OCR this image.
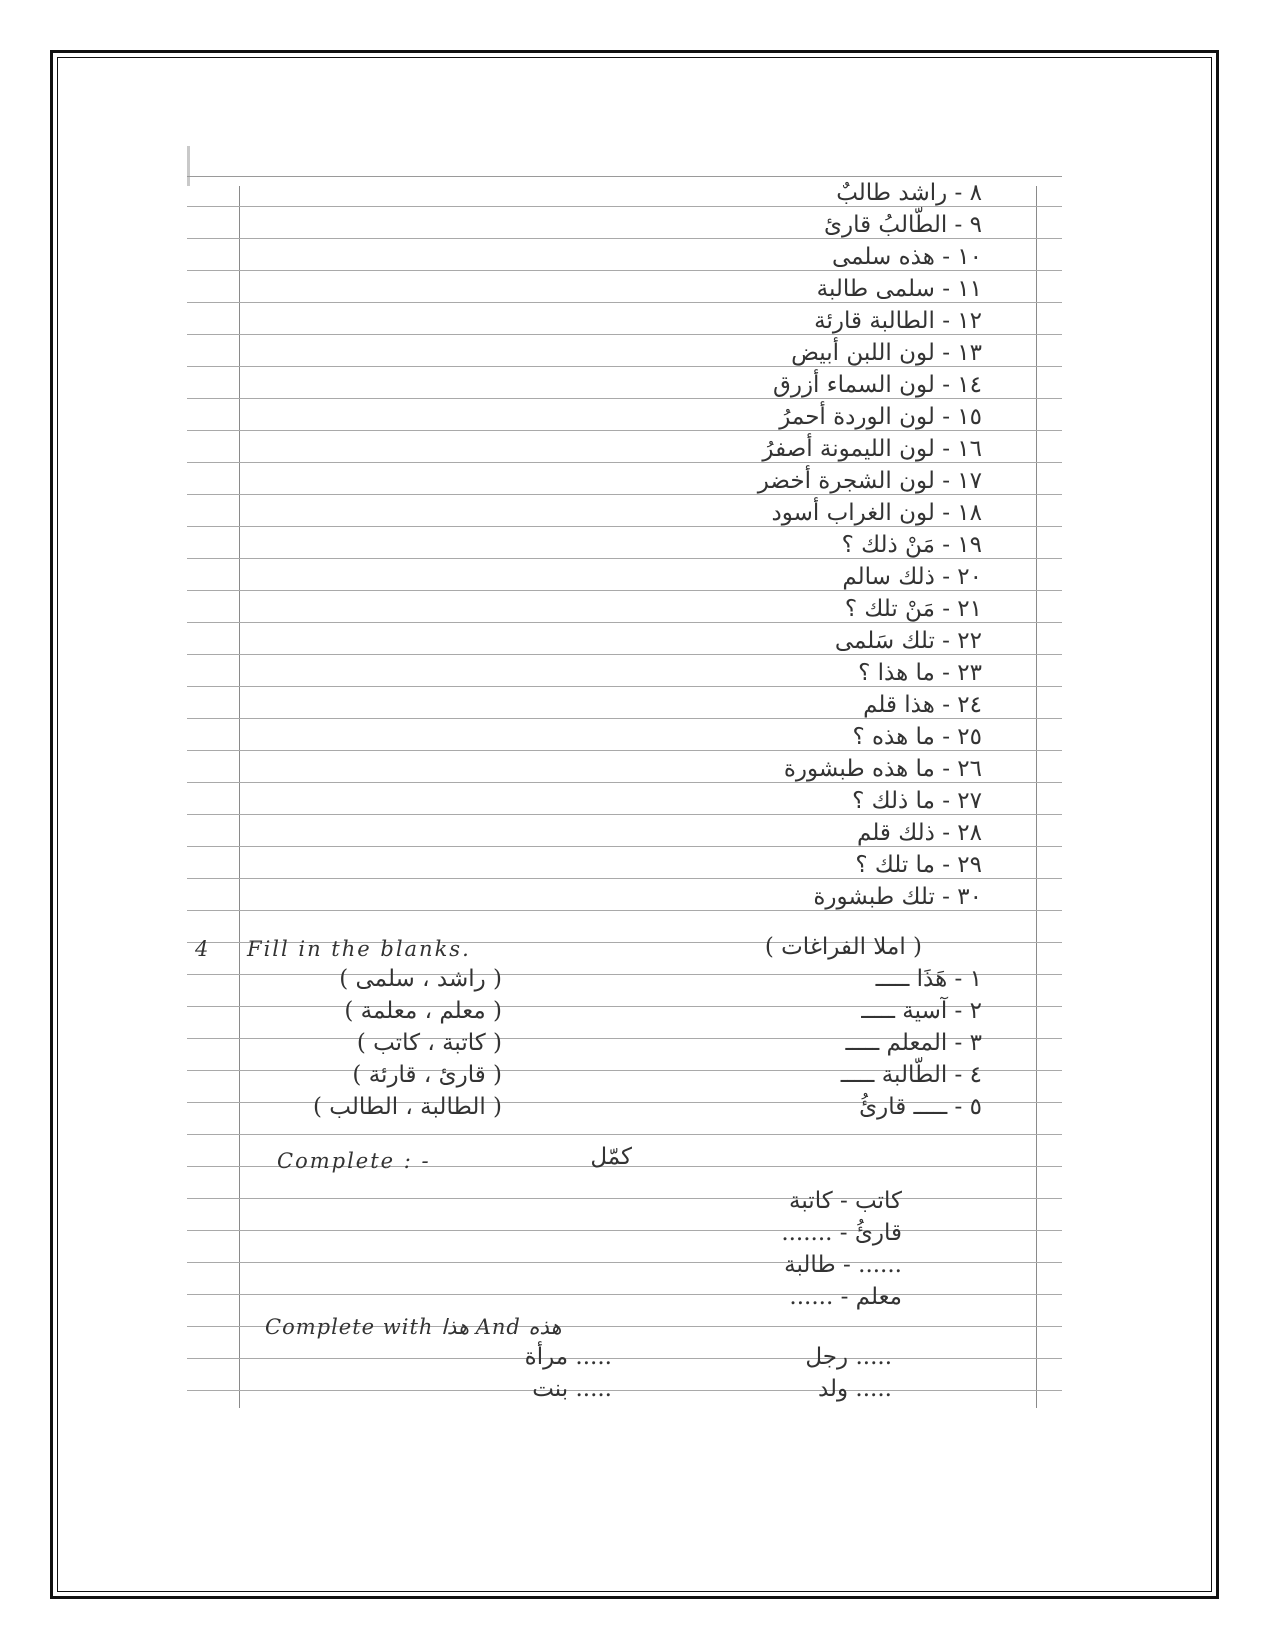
٨ - راشد طالبٌ
٩ - الطّالبُ قارئ
١٠ - هذه سلمى
١١ - سلمى طالبة
١٢ - الطالبة قارئة
١٣ - لون اللبن أبيض
١٤ - لون السماء أزرق
١٥ - لون الوردة أحمرُ
١٦ - لون الليمونة أصفرُ
١٧ - لون الشجرة أخضر
١٨ - لون الغراب أسود
١٩ - مَنْ ذلك ؟
٢٠ - ذلك سالم
٢١ - مَنْ تلك ؟
٢٢ - تلك سَلمى
٢٣ - ما هذا ؟
٢٤ - هذا قلم
٢٥ - ما هذه ؟
٢٦ - ما هذه طبشورة
٢٧ - ما ذلك ؟
٢٨ - ذلك قلم
٢٩ - ما تلك ؟
٣٠ - تلك طبشورة
4 Fill in the blanks.	( املا الفراغات )
١ - هَذَا ـــــ
( راشد ، سلمى )
٢ - آسية ـــــ
( معلم ، معلمة )
٣ - المعلم ـــــ
( كاتبة ، كاتب )
٤ - الطّالبة ـــــ
( قارئ ، قارئة )
٥ - ـــــ قارئُ
( الطالبة ، الطالب )
Complete : -	كمّل
كاتب - كاتبة
قارئُ - .......
...... - طالبة
معلم - ......
Complete with هذا And هذه
..... رجل
..... مرأة
..... ولد
..... بنت
